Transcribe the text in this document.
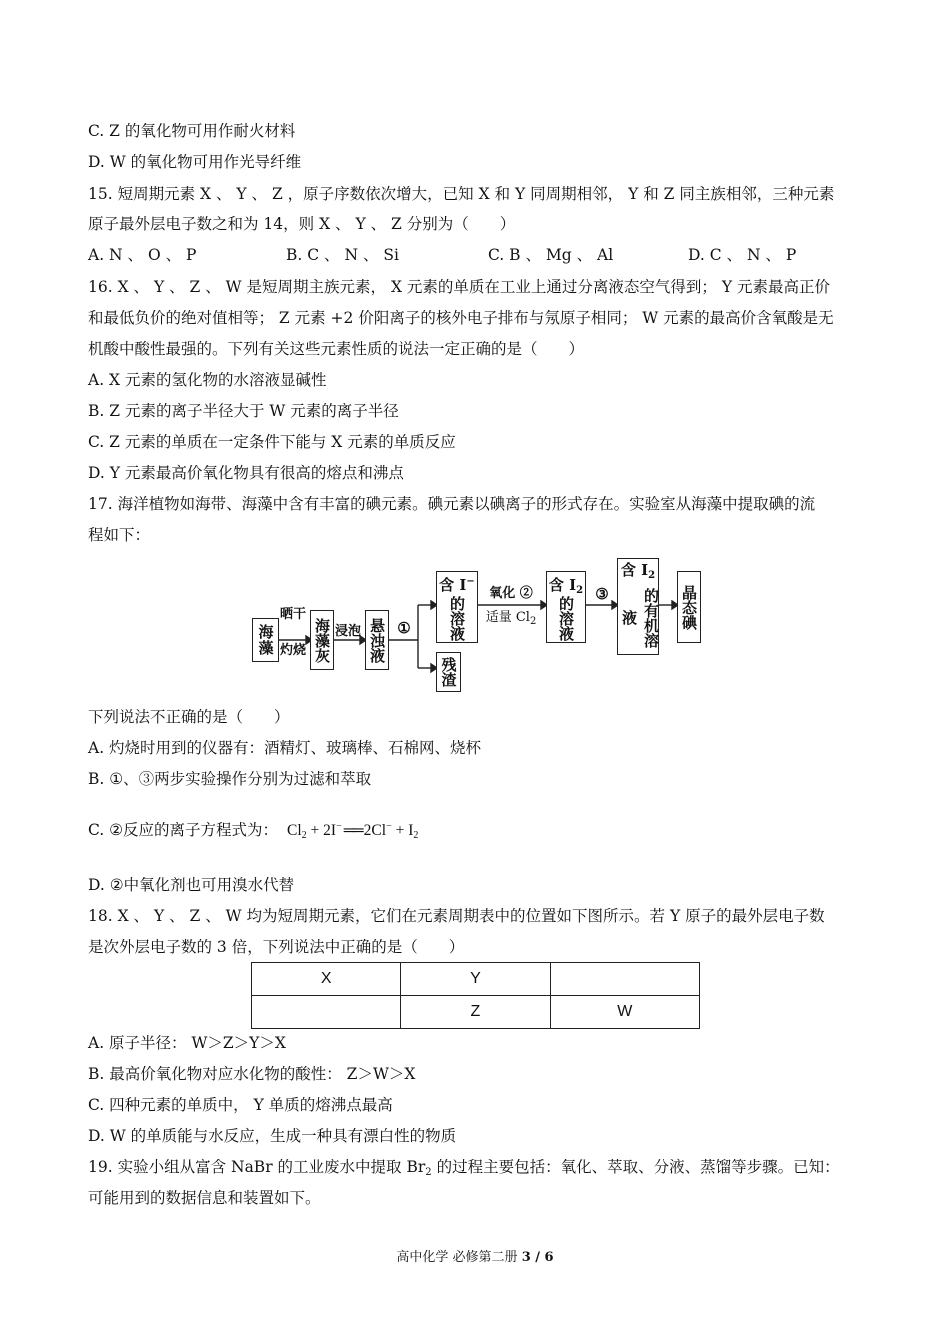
C. Z 的氧化物可用作耐火材料
D. W 的氧化物可用作光导纤维
15. 短周期元素 X 、 Y 、 Z ，原子序数依次增大，已知 X 和 Y 同周期相邻， Y 和 Z 同主族相邻，三种元素
原子最外层电子数之和为 14，则 X 、 Y 、 Z 分别为（　　）
A. N 、 O 、 P	B. C 、 N 、 Si	C. B 、 Mg 、 Al	D. C 、 N 、 P
16. X 、 Y 、 Z 、 W 是短周期主族元素， X 元素的单质在工业上通过分离液态空气得到； Y 元素最高正价
和最低负价的绝对值相等； Z 元素 +2 价阳离子的核外电子排布与氖原子相同； W 元素的最高价含氧酸是无
机酸中酸性最强的。下列有关这些元素性质的说法一定正确的是（　　）
A. X 元素的氢化物的水溶液显碱性
B. Z 元素的离子半径大于 W 元素的离子半径
C. Z 元素的单质在一定条件下能与 X 元素的单质反应
D. Y 元素最高价氧化物具有很高的熔点和沸点
17. 海洋植物如海带、海藻中含有丰富的碘元素。碘元素以碘离子的形式存在。实验室从海藻中提取碘的流
程如下：
海藻
晒干
灼烧 海藻灰 浸泡 悬浊液 ①
含 I−
的溶液
残渣
氧化 ②
适量 $Cl_2$
含 $I_2$
的溶液
③
含 $I_2$
的有机溶液	晶态碘
下列说法不正确的是（　　）
A. 灼烧时用到的仪器有：酒精灯、玻璃棒、石棉网、烧杯
B. ①、③两步实验操作分别为过滤和萃取
C. ②反应的离子方程式为： $Cl_2 + 2I^-$ ══ $2Cl^- + I_2$
D. ②中氧化剂也可用溴水代替
18. X 、 Y 、 Z 、 W 均为短周期元素，它们在元素周期表中的位置如下图所示。若 Y 原子的最外层电子数
是次外层电子数的 3 倍，下列说法中正确的是（　　）
X	Y	
	Z	W
A. 原子半径： W＞Z＞Y＞X
B. 最高价氧化物对应水化物的酸性： Z＞W＞X
C. 四种元素的单质中， Y 单质的熔沸点最高
D. W 的单质能与水反应，生成一种具有漂白性的物质
19. 实验小组从富含 NaBr 的工业废水中提取 $Br_2$ 的过程主要包括：氧化、萃取、分液、蒸馏等步骤。已知：
可能用到的数据信息和装置如下。
高中化学 必修第二册 3 / 6
